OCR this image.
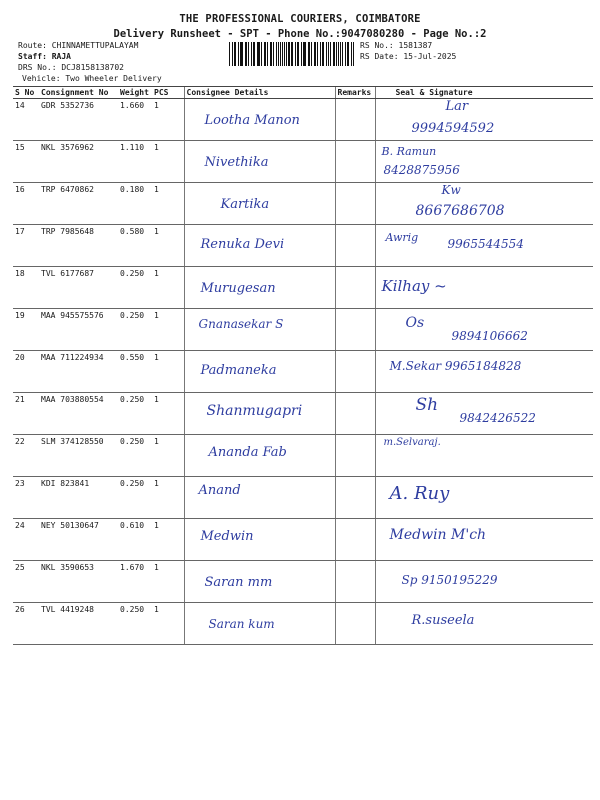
THE PROFESSIONAL COURIERS, COIMBATORE
Delivery Runsheet - SPT - Phone No.:9047080280 - Page No.:2
Route: CHINNAMETTUPALAYAM
Staff: RAJA
DRS No.: DCJ8158138702
Vehicle: Two Wheeler Delivery
RS No.: 1581387
RS Date: 15-Jul-2025
S No	Consignment No	Weight	PCS	Consignee Details	Remarks	Seal & Signature
14	GDR 5352736	1.660	1	Lootha Manon		Lar
9994594592

15	NKL 3576962	1.110	1	Nivethika		B. Ramun
8428875956

16	TRP 6470862	0.180	1	Kartika		Kw
8667686708

17	TRP 7985648	0.580	1	Renuka Devi		Awrig 9965544554

18	TVL 6177687	0.250	1	Murugesan		Kilhay ~

19	MAA 945575576	0.250	1	Gnanasekar S		Os
9894106662

20	MAA 711224934	0.550	1	Padmaneka		M.Sekar 9965184828

21	MAA 703880554	0.250	1	Shanmugapri		Sh
9842426522

22	SLM 374128550	0.250	1	Ananda Fab		m.Selvaraj.

23	KDI 823841	0.250	1	Anand		A. Ruy

24	NEY 50130647	0.610	1	Medwin		Medwin M'ch

25	NKL 3590653	1.670	1	Saran mm		Sp 9150195229

26	TVL 4419248	0.250	1	Saran kum		R.suseela
